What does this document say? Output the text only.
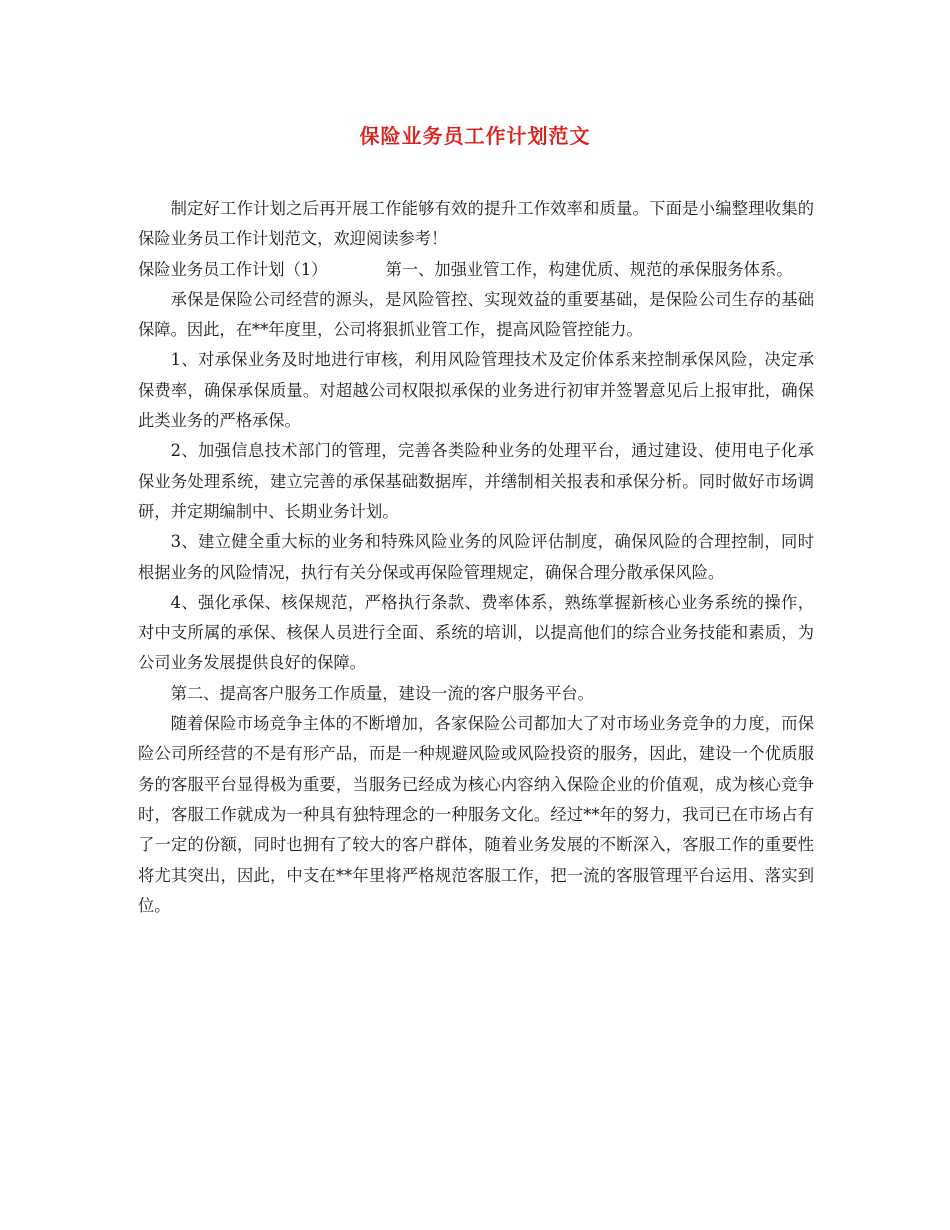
保险业务员工作计划范文

制定好工作计划之后再开展工作能够有效的提升工作效率和质量。下面是小编整理收集的保险业务员工作计划范文，欢迎阅读参考！

保险业务员工作计划（1）	第一、加强业管工作，构建优质、规范的承保服务体系。

承保是保险公司经营的源头，是风险管控、实现效益的重要基础，是保险公司生存的基础保障。因此，在**年度里，公司将狠抓业管工作，提高风险管控能力。

1、对承保业务及时地进行审核，利用风险管理技术及定价体系来控制承保风险，决定承保费率，确保承保质量。对超越公司权限拟承保的业务进行初审并签署意见后上报审批，确保此类业务的严格承保。

2、加强信息技术部门的管理，完善各类险种业务的处理平台，通过建设、使用电子化承保业务处理系统，建立完善的承保基础数据库，并缮制相关报表和承保分析。同时做好市场调研，并定期编制中、长期业务计划。

3、建立健全重大标的业务和特殊风险业务的风险评估制度，确保风险的合理控制，同时根据业务的风险情况，执行有关分保或再保险管理规定，确保合理分散承保风险。

4、强化承保、核保规范，严格执行条款、费率体系，熟练掌握新核心业务系统的操作，对中支所属的承保、核保人员进行全面、系统的培训，以提高他们的综合业务技能和素质，为公司业务发展提供良好的保障。

第二、提高客户服务工作质量，建设一流的客户服务平台。

随着保险市场竞争主体的不断增加，各家保险公司都加大了对市场业务竞争的力度，而保险公司所经营的不是有形产品，而是一种规避风险或风险投资的服务，因此，建设一个优质服务的客服平台显得极为重要，当服务已经成为核心内容纳入保险企业的价值观，成为核心竞争时，客服工作就成为一种具有独特理念的一种服务文化。经过**年的努力，我司已在市场占有了一定的份额，同时也拥有了较大的客户群体，随着业务发展的不断深入，客服工作的重要性将尤其突出，因此，中支在**年里将严格规范客服工作，把一流的客服管理平台运用、落实到位。
